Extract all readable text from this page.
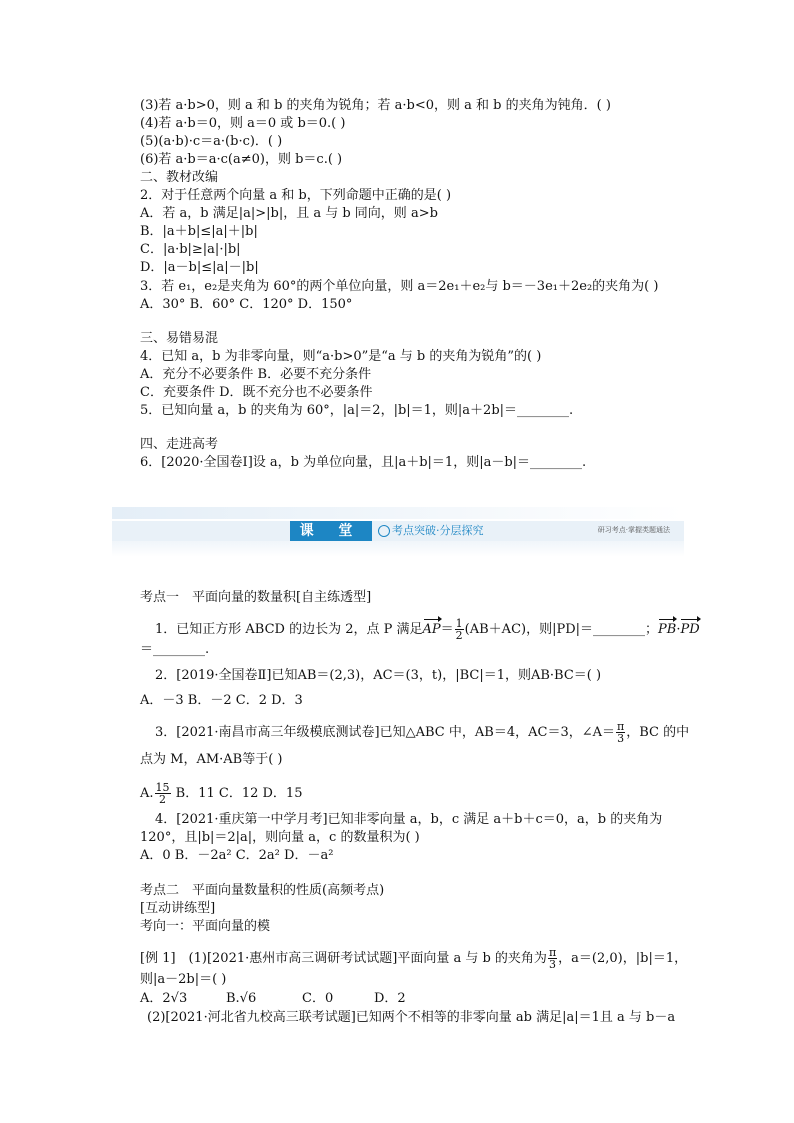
(3)若 a·b>0，则 a 和 b 的夹角为锐角；若 a·b<0，则 a 和 b 的夹角为钝角．( )
(4)若 a·b＝0，则 a＝0 或 b＝0.( )
(5)(a·b)·c＝a·(b·c)．( )
(6)若 a·b＝a·c(a≠0)，则 b＝c.( )
二、教材改编
2．对于任意两个向量 a 和 b，下列命题中正确的是( )
A．若 a，b 满足|a|>|b|，且 a 与 b 同向，则 a>b
B．|a＋b|≤|a|＋|b|
C．|a·b|≥|a|·|b|
D．|a－b|≤|a|－|b|
3．若 e₁，e₂是夹角为 60°的两个单位向量，则 a＝2e₁＋e₂与 b＝－3e₁＋2e₂的夹角为( )
A．30° B．60° C．120° D．150°
三、易错易混
4．已知 a，b 为非零向量，则“a·b>0”是“a 与 b 的夹角为锐角”的( )
A．充分不必要条件 B．必要不充分条件
C．充要条件 D．既不充分也不必要条件
5．已知向量 a，b 的夹角为 60°，|a|＝2，|b|＝1，则|a＋2b|＝________.
四、走进高考
6．[2020·全国卷Ⅰ]设 a，b 为单位向量，且|a＋b|＝1，则|a－b|＝________.
课 堂	考点突破·分层探究	研习考点·掌握类题通法
考点一　平面向量的数量积[自主练透型]
1．已知正方形 ABCD 的边长为 2，点 P 满足$AP= \frac{1}{2} (AB+AC)$，则|PD|＝________；PB·PD
＝________.
2．[2019·全国卷Ⅱ]已知AB＝(2,3)，AC＝(3，t)，|BC|＝1，则AB·BC＝( )
A．－3 B．－2 C．2 D．3
3．[2021·南昌市高三年级模底测试卷]已知△ABC 中，AB＝4，AC＝3，∠A＝ $\frac{\pi}{3}$ ，BC 的中
点为 M，AM·AB等于( )
A. $\frac{15}{2}$ B．11 C．12 D．15
4．[2021·重庆第一中学月考]已知非零向量 a，b，c 满足 a＋b＋c＝0，a，b 的夹角为
120°，且|b|＝2|a|，则向量 a，c 的数量积为( )
A．0 B．－2a² C．2a² D．－a²
考点二　平面向量数量积的性质(高频考点)
[互动讲练型]
考向一：平面向量的模
[例 1]　(1)[2021·惠州市高三调研考试试题]平面向量 a 与 b 的夹角为 $\frac{\pi}{3}$ ，a＝(2,0)，|b|＝1，
则|a－2b|＝( )
A．2√3	B.√6	C．0	D．2
(2)[2021·河北省九校高三联考试题]已知两个不相等的非零向量 ab 满足|a|＝1且 a 与 b－a
